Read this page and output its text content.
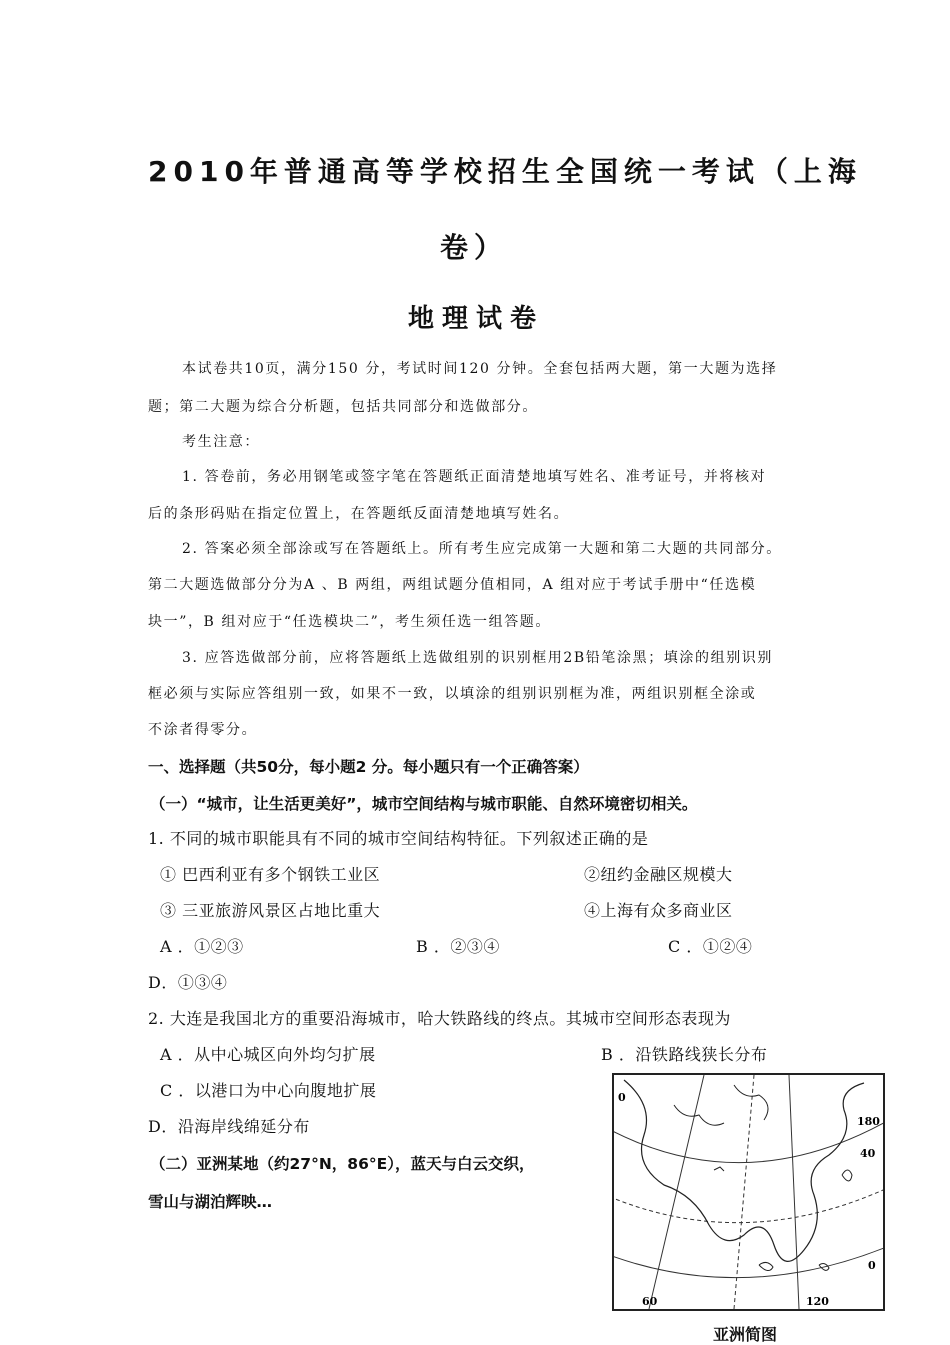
2010年普通高等学校招生全国统一考试（上海
卷）
地理试卷
本试卷共10页，满分150 分，考试时间120 分钟。全套包括两大题，第一大题为选择
题；第二大题为综合分析题，包括共同部分和选做部分。
考生注意：
1. 答卷前，务必用钢笔或签字笔在答题纸正面清楚地填写姓名、准考证号，并将核对
后的条形码贴在指定位置上，在答题纸反面清楚地填写姓名。
2. 答案必须全部涂或写在答题纸上。所有考生应完成第一大题和第二大题的共同部分。
第二大题选做部分分为A 、B 两组，两组试题分值相同，A 组对应于考试手册中“任选模
块一”，B 组对应于“任选模块二”，考生须任选一组答题。
3. 应答选做部分前，应将答题纸上选做组别的识别框用2B铅笔涂黑；填涂的组别识别
框必须与实际应答组别一致，如果不一致，以填涂的组别识别框为准，两组识别框全涂或
不涂者得零分。
一、选择题（共50分，每小题2 分。每小题只有一个正确答案）
（一）“城市，让生活更美好”，城市空间结构与城市职能、自然环境密切相关。
1. 不同的城市职能具有不同的城市空间结构特征。下列叙述正确的是
① 巴西利亚有多个钢铁工业区	②纽约金融区规模大
③ 三亚旅游风景区占地比重大	④上海有众多商业区
A ．①②③	B ．②③④	C ．①②④
D．①③④
2. 大连是我国北方的重要沿海城市，哈大铁路线的终点。其城市空间形态表现为
A ．从中心城区向外均匀扩展	B ．沿铁路线狭长分布
C ．以港口为中心向腹地扩展
D．沿海岸线绵延分布
（二）亚洲某地（约27°N，86°E），蓝天与白云交织，
雪山与湖泊辉映…
0
180
40
0
60	120
亚洲简图
